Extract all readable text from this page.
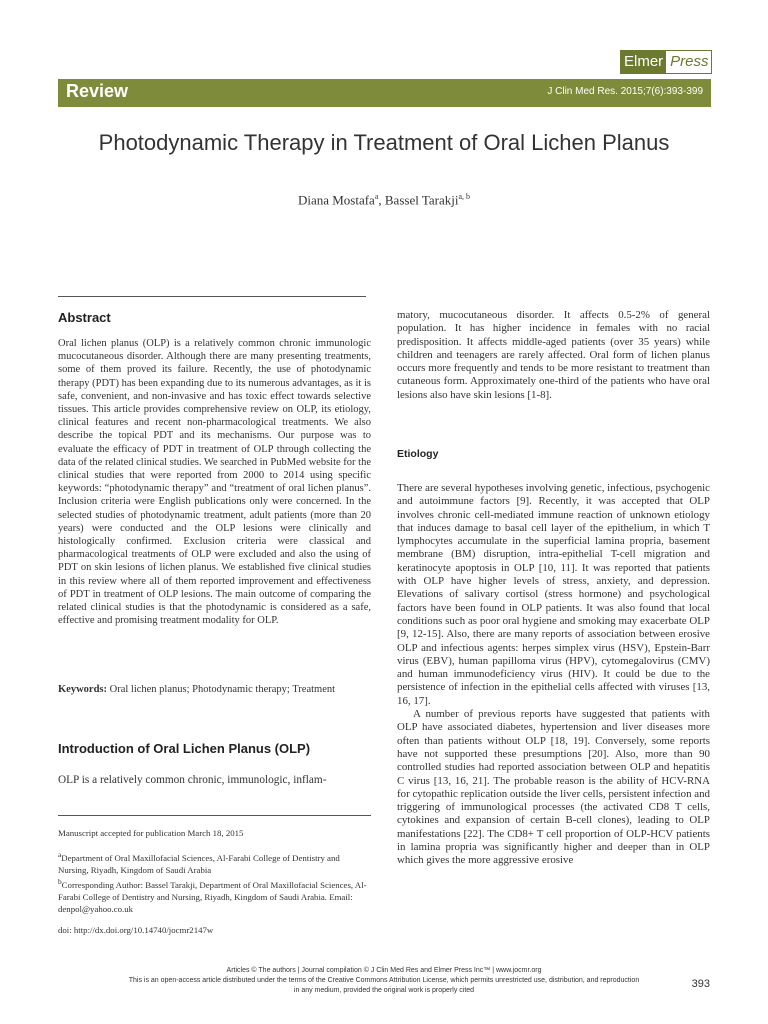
Elmer Press
Review	J Clin Med Res. 2015;7(6):393-399
Photodynamic Therapy in Treatment of Oral Lichen Planus
Diana Mostafa$^a$, Bassel Tarakji$^{a, b}$
Abstract

Oral lichen planus (OLP) is a relatively common chronic immunologic mucocutaneous disorder. Although there are many presenting treatments, some of them proved its failure. Recently, the use of photodynamic therapy (PDT) has been expanding due to its numerous advantages, as it is safe, convenient, and non-invasive and has toxic effect towards selective tissues. This article provides comprehensive review on OLP, its etiology, clinical features and recent non-pharmacological treatments. We also describe the topical PDT and its mechanisms. Our purpose was to evaluate the efficacy of PDT in treatment of OLP through collecting the data of the related clinical studies. We searched in PubMed website for the clinical studies that were reported from 2000 to 2014 using specific keywords: “photodynamic therapy” and “treatment of oral lichen planus”. Inclusion criteria were English publications only were concerned. In the selected studies of photodynamic treatment, adult patients (more than 20 years) were conducted and the OLP lesions were clinically and histologically confirmed. Exclusion criteria were classical and pharmacological treatments of OLP were excluded and also the using of PDT on skin lesions of lichen planus. We established five clinical studies in this review where all of them reported improvement and effectiveness of PDT in treatment of OLP lesions. The main outcome of comparing the related clinical studies is that the photodynamic is considered as a safe, effective and promising treatment modality for OLP.

Keywords: Oral lichen planus; Photodynamic therapy; Treatment
Introduction of Oral Lichen Planus (OLP)
OLP is a relatively common chronic, immunologic, inflam-

Manuscript accepted for publication March 18, 2015

$^a$Department of Oral Maxillofacial Sciences, Al-Farabi College of Dentistry and Nursing, Riyadh, Kingdom of Saudi Arabia

$^b$Corresponding Author: Bassel Tarakji, Department of Oral Maxillofacial Sciences, Al-Farabi College of Dentistry and Nursing, Riyadh, Kingdom of Saudi Arabia. Email: denpol@yahoo.co.uk

doi: http://dx.doi.org/10.14740/jocmr2147w

matory, mucocutaneous disorder. It affects 0.5-2% of general population. It has higher incidence in females with no racial predisposition. It affects middle-aged patients (over 35 years) while children and teenagers are rarely affected. Oral form of lichen planus occurs more frequently and tends to be more resistant to treatment than cutaneous form. Approximately one-third of the patients who have oral lesions also have skin lesions [1-8].
Etiology

There are several hypotheses involving genetic, infectious, psychogenic and autoimmune factors [9]. Recently, it was accepted that OLP involves chronic cell-mediated immune reaction of unknown etiology that induces damage to basal cell layer of the epithelium, in which T lymphocytes accumulate in the superficial lamina propria, basement membrane (BM) disruption, intra-epithelial T-cell migration and keratinocyte apoptosis in OLP [10, 11]. It was reported that patients with OLP have higher levels of stress, anxiety, and depression. Elevations of salivary cortisol (stress hormone) and psychological factors have been found in OLP patients. It was also found that local conditions such as poor oral hygiene and smoking may exacerbate OLP [9, 12-15]. Also, there are many reports of association between erosive OLP and infectious agents: herpes simplex virus (HSV), Epstein-Barr virus (EBV), human papilloma virus (HPV), cytomegalovirus (CMV) and human immunodeficiency virus (HIV). It could be due to the persistence of infection in the epithelial cells affected with viruses [13, 16, 17].

A number of previous reports have suggested that patients with OLP have associated diabetes, hypertension and liver diseases more often than patients without OLP [18, 19]. Conversely, some reports have not supported these presumptions [20]. Also, more than 90 controlled studies had reported association between OLP and hepatitis C virus [13, 16, 21]. The probable reason is the ability of HCV-RNA for cytopathic replication outside the liver cells, persistent infection and triggering of immunological processes (the activated CD8 T cells, cytokines and expansion of certain B-cell clones), leading to OLP manifestations [22]. The CD8+ T cell proportion of OLP-HCV patients in lamina propria was significantly higher and deeper than in OLP which gives the more aggressive erosive

Articles © The authors | Journal compilation © J Clin Med Res and Elmer Press Inc™ | www.jocmr.org

This is an open-access article distributed under the terms of the Creative Commons Attribution License, which permits unrestricted use, distribution, and reproduction

in any medium, provided the original work is properly cited

393
